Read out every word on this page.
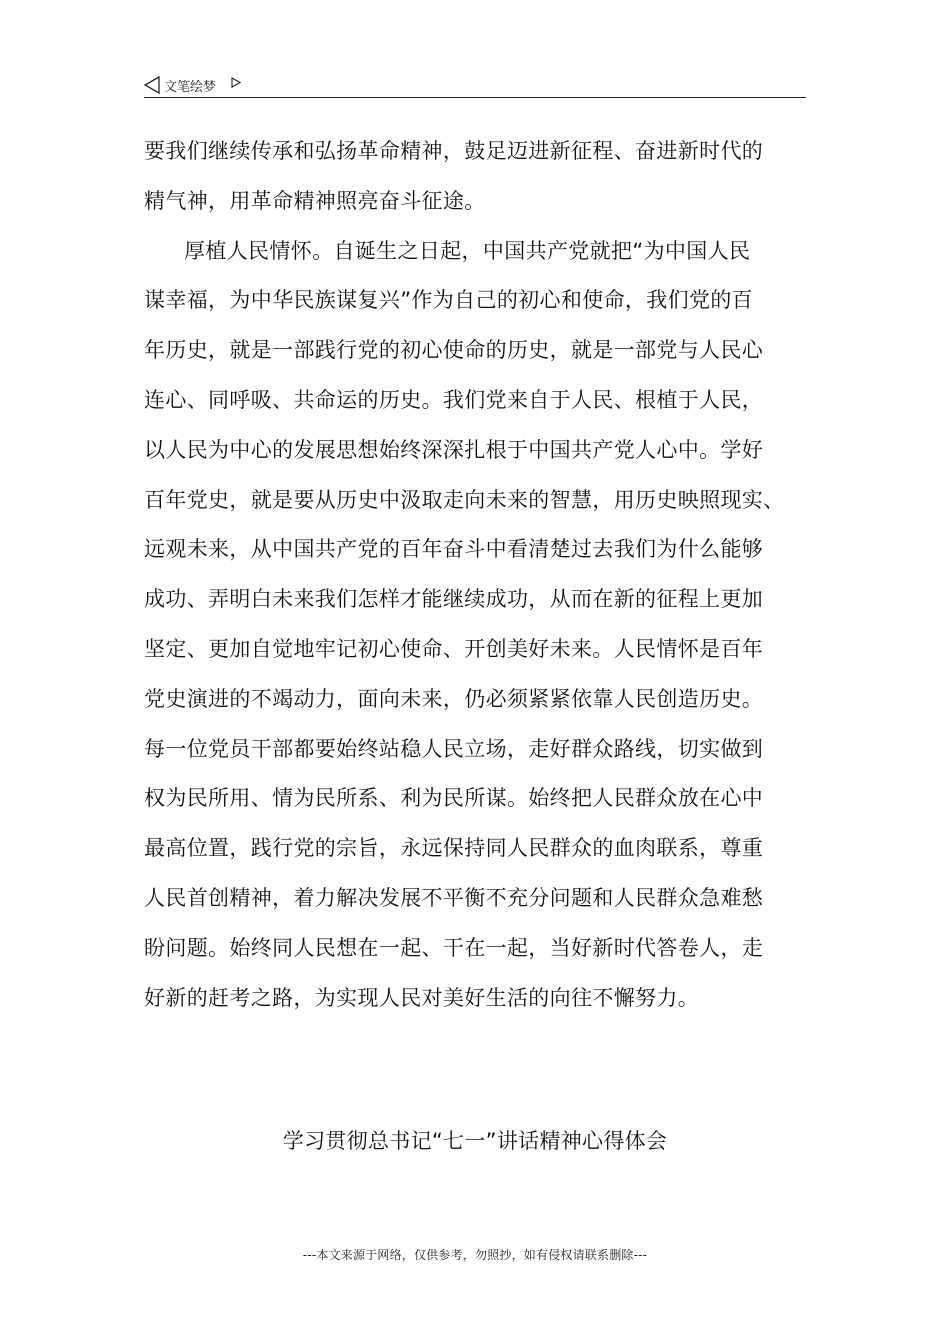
文笔绘梦
要我们继续传承和弘扬革命精神，鼓足迈进新征程、奋进新时代的
精气神，用革命精神照亮奋斗征途。
厚植人民情怀。自诞生之日起，中国共产党就把“为中国人民
谋幸福，为中华民族谋复兴”作为自己的初心和使命，我们党的百
年历史，就是一部践行党的初心使命的历史，就是一部党与人民心
连心、同呼吸、共命运的历史。我们党来自于人民、根植于人民，
以人民为中心的发展思想始终深深扎根于中国共产党人心中。学好
百年党史，就是要从历史中汲取走向未来的智慧，用历史映照现实、
远观未来，从中国共产党的百年奋斗中看清楚过去我们为什么能够
成功、弄明白未来我们怎样才能继续成功，从而在新的征程上更加
坚定、更加自觉地牢记初心使命、开创美好未来。人民情怀是百年
党史演进的不竭动力，面向未来，仍必须紧紧依靠人民创造历史。
每一位党员干部都要始终站稳人民立场，走好群众路线，切实做到
权为民所用、情为民所系、利为民所谋。始终把人民群众放在心中
最高位置，践行党的宗旨，永远保持同人民群众的血肉联系，尊重
人民首创精神，着力解决发展不平衡不充分问题和人民群众急难愁
盼问题。始终同人民想在一起、干在一起，当好新时代答卷人，走
好新的赶考之路，为实现人民对美好生活的向往不懈努力。
学习贯彻总书记“七一”讲话精神心得体会
---本文来源于网络，仅供参考，勿照抄，如有侵权请联系删除---
